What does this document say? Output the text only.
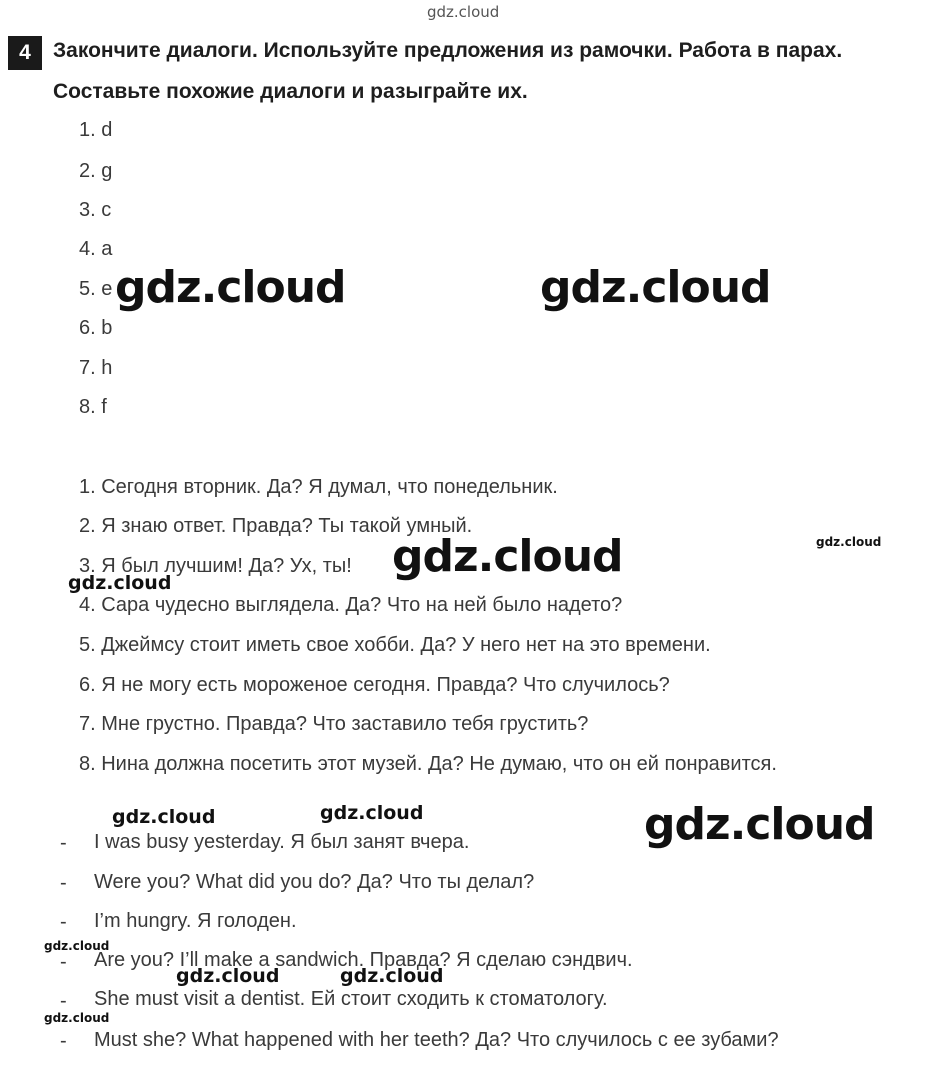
gdz.cloud
4	Закончите диалоги. Используйте предложения из рамочки. Работа в парах.
Составьте похожие диалоги и разыграйте их.
1. d
2. g
3. c
4. a
5. e
6. b
7. h
8. f
1. Сегодня вторник. Да? Я думал, что понедельник.
2. Я знаю ответ. Правда? Ты такой умный.
3. Я был лучшим! Да? Ух, ты!
4. Сара чудесно выглядела. Да? Что на ней было надето?
5. Джеймсу стоит иметь свое хобби. Да? У него нет на это времени.
6. Я не могу есть мороженое сегодня. Правда? Что случилось?
7. Мне грустно. Правда? Что заставило тебя грустить?
8. Нина должна посетить этот музей. Да? Не думаю, что он ей понравится.
- I was busy yesterday. Я был занят вчера.
- Were you? What did you do? Да? Что ты делал?
- I’m hungry. Я голоден.
- Are you? I’ll make a sandwich. Правда? Я сделаю сэндвич.
- She must visit a dentist. Ей стоит сходить к стоматологу.
- Must she? What happened with her teeth? Да? Что случилось с ее зубами?
gdz.cloud	gdz.cloud
gdz.cloud	gdz.cloud
gdz.cloud
gdz.cloud	gdz.cloud	gdz.cloud
gdz.cloud
gdz.cloud	gdz.cloud
gdz.cloud
